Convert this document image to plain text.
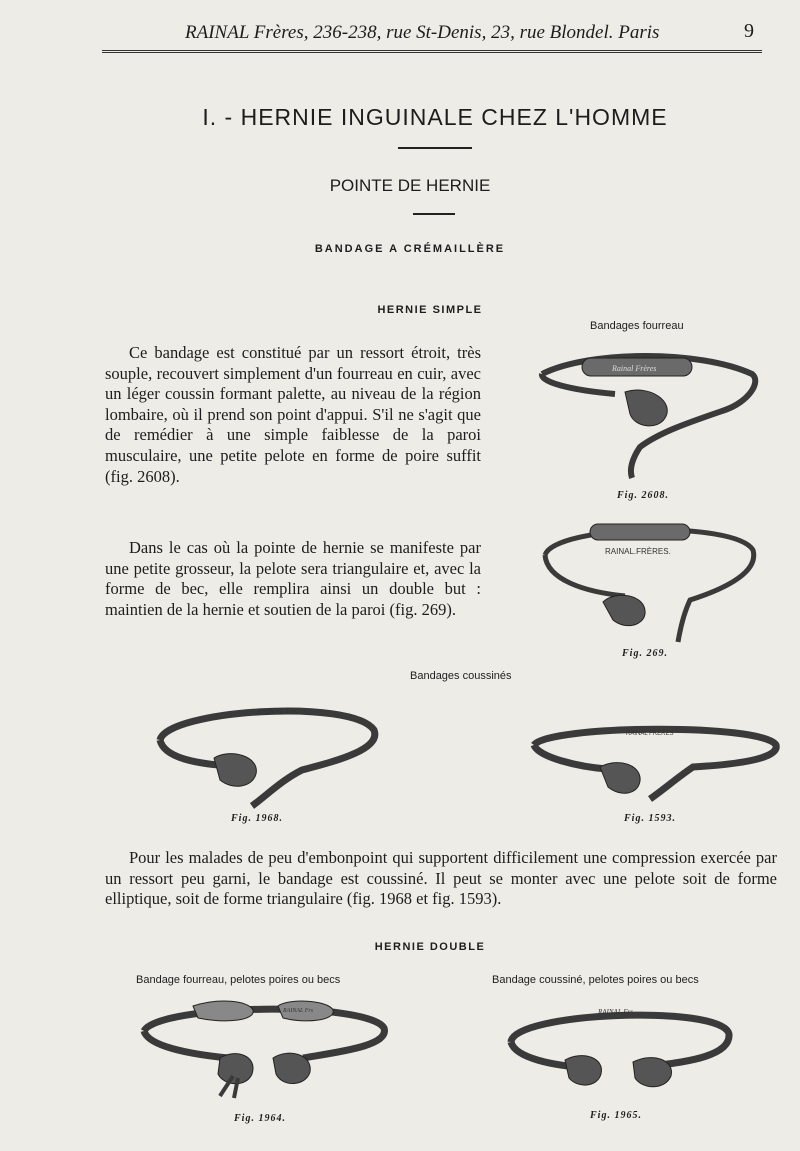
RAINAL Frères, 236-238, rue St-Denis, 23, rue Blondel. Paris	9
I. - HERNIE INGUINALE CHEZ L'HOMME
POINTE DE HERNIE
BANDAGE A CRÉMAILLÈRE
HERNIE SIMPLE
Bandages fourreau

Ce bandage est constitué par un ressort étroit, très souple, recouvert simplement d'un fourreau en cuir, avec un léger coussin formant palette, au niveau de la région lombaire, où il prend son point d'appui. S'il ne s'agit que de remédier à une simple faiblesse de la paroi musculaire, une petite pelote en forme de poire suffit (fig. 2608).

Rainal Frères
Fig. 2608.

Dans le cas où la pointe de hernie se manifeste par une petite grosseur, la pelote sera triangulaire et, avec la forme de bec, elle remplira ainsi un double but : maintien de la hernie et soutien de la paroi (fig. 269).

RAINAL.FRÈRES.
Fig. 269.
Bandages coussinés
RAINAL Frs
Fig. 1968.
RAINAL FRÈRES
Fig. 1593.

Pour les malades de peu d'embonpoint qui supportent difficilement une compression exercée par un ressort peu garni, le bandage est coussiné. Il peut se monter avec une pelote soit de forme elliptique, soit de forme triangulaire (fig. 1968 et fig. 1593).

HERNIE DOUBLE
Bandage fourreau, pelotes poires ou becs	Bandage coussiné, pelotes poires ou becs
RAINAL Frs
Fig. 1964.
RAINAL Frs
Fig. 1965.
